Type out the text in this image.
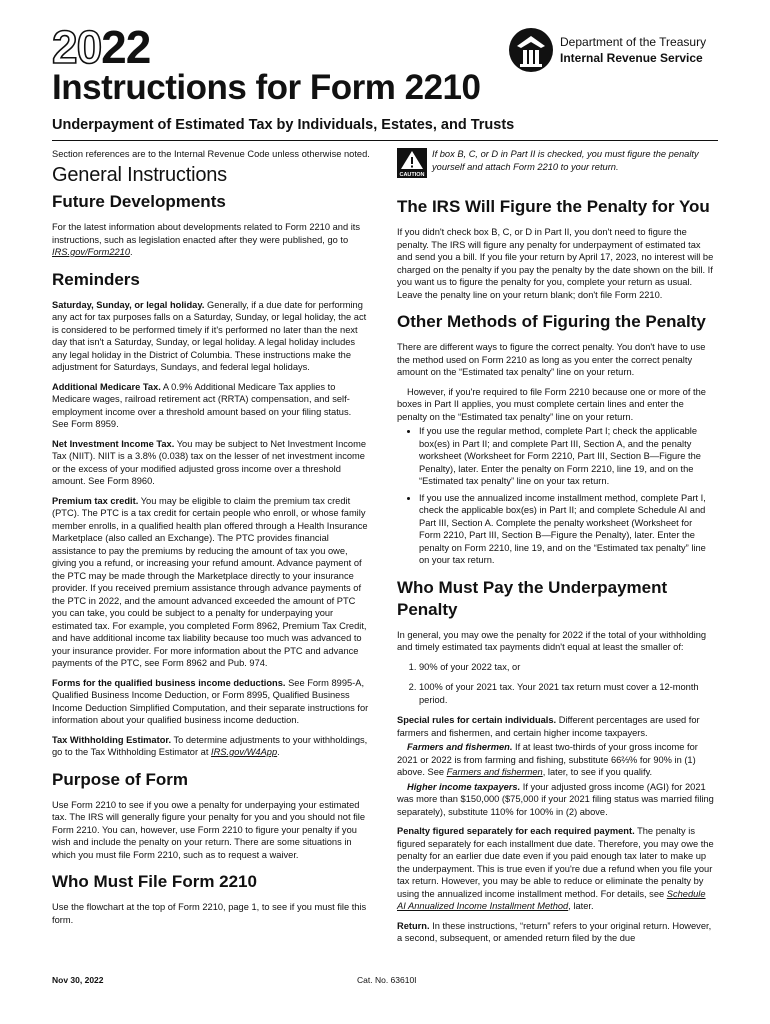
2022	Department of the Treasury
Internal Revenue Service
Instructions for Form 2210
Underpayment of Estimated Tax by Individuals, Estates, and Trusts

Section references are to the Internal Revenue Code unless otherwise noted.

General Instructions
Future Developments

For the latest information about developments related to Form 2210 and its instructions, such as legislation enacted after they were published, go to IRS.gov/Form2210.

Reminders

Saturday, Sunday, or legal holiday. Generally, if a due date for performing any act for tax purposes falls on a Saturday, Sunday, or legal holiday, the act is considered to be performed timely if it's performed no later than the next day that isn't a Saturday, Sunday, or legal holiday. A legal holiday includes any legal holiday in the District of Columbia. These instructions make the adjustment for Saturdays, Sundays, and federal legal holidays.

Additional Medicare Tax. A 0.9% Additional Medicare Tax applies to Medicare wages, railroad retirement act (RRTA) compensation, and self-employment income over a threshold amount based on your filing status. See Form 8959.

Net Investment Income Tax. You may be subject to Net Investment Income Tax (NIIT). NIIT is a 3.8% (0.038) tax on the lesser of net investment income or the excess of your modified adjusted gross income over a threshold amount. See Form 8960.

Premium tax credit. You may be eligible to claim the premium tax credit (PTC). The PTC is a tax credit for certain people who enroll, or whose family member enrolls, in a qualified health plan offered through a Health Insurance Marketplace (also called an Exchange). The PTC provides financial assistance to pay the premiums by reducing the amount of tax you owe, giving you a refund, or increasing your refund amount. Advance payment of the PTC may be made through the Marketplace directly to your insurance provider. If you received premium assistance through advance payments of the PTC in 2022, and the amount advanced exceeded the amount of PTC you can take, you could be subject to a penalty for underpaying your estimated tax. For example, you completed Form 8962, Premium Tax Credit, and have additional income tax liability because too much was advanced to your insurance provider. For more information about the PTC and advance payments of the PTC, see Form 8962 and Pub. 974.

Forms for the qualified business income deductions. See Form 8995-A, Qualified Business Income Deduction, or Form 8995, Qualified Business Income Deduction Simplified Computation, and their separate instructions for information about your qualified business income deduction.

Tax Withholding Estimator. To determine adjustments to your withholdings, go to the Tax Withholding Estimator at IRS.gov/W4App.

Purpose of Form

Use Form 2210 to see if you owe a penalty for underpaying your estimated tax. The IRS will generally figure your penalty for you and you should not file Form 2210. You can, however, use Form 2210 to figure your penalty if you wish and include the penalty on your return. There are some situations in which you must file Form 2210, such as to request a waiver.

Who Must File Form 2210

Use the flowchart at the top of Form 2210, page 1, to see if you must file this form.

CAUTION
If box B, C, or D in Part II is checked, you must figure the penalty yourself and attach Form 2210 to your return.
The IRS Will Figure the Penalty for You

If you didn't check box B, C, or D in Part II, you don't need to figure the penalty. The IRS will figure any penalty for underpayment of estimated tax and send you a bill. If you file your return by April 17, 2023, no interest will be charged on the penalty if you pay the penalty by the date shown on the bill. If you want us to figure the penalty for you, complete your return as usual. Leave the penalty line on your return blank; don't file Form 2210.

Other Methods of Figuring the Penalty

There are different ways to figure the correct penalty. You don't have to use the method used on Form 2210 as long as you enter the correct penalty amount on the “Estimated tax penalty” line on your return.

However, if you're required to file Form 2210 because one or more of the boxes in Part II applies, you must complete certain lines and enter the penalty on the “Estimated tax penalty” line on your return.

• If you use the regular method, complete Part I; check the applicable box(es) in Part II; and complete Part III, Section A, and the penalty worksheet (Worksheet for Form 2210, Part III, Section B—Figure the Penalty), later. Enter the penalty on Form 2210, line 19, and on the “Estimated tax penalty” line on your tax return.
• If you use the annualized income installment method, complete Part I, check the applicable box(es) in Part II; and complete Schedule AI and Part III, Section A. Complete the penalty worksheet (Worksheet for Form 2210, Part III, Section B—Figure the Penalty), later. Enter the penalty on Form 2210, line 19, and on the “Estimated tax penalty” line on your tax return.
Who Must Pay the Underpayment Penalty

In general, you may owe the penalty for 2022 if the total of your withholding and timely estimated tax payments didn't equal at least the smaller of:

1. 90% of your 2022 tax, or
2. 100% of your 2021 tax. Your 2021 tax return must cover a 12-month period.

Special rules for certain individuals. Different percentages are used for farmers and fishermen, and certain higher income taxpayers.

Farmers and fishermen. If at least two-thirds of your gross income for 2021 or 2022 is from farming and fishing, substitute 66⅔% for 90% in (1) above. See Farmers and fishermen, later, to see if you qualify.

Higher income taxpayers. If your adjusted gross income (AGI) for 2021 was more than $150,000 ($75,000 if your 2021 filing status was married filing separately), substitute 110% for 100% in (2) above.

Penalty figured separately for each required payment. The penalty is figured separately for each installment due date. Therefore, you may owe the penalty for an earlier due date even if you paid enough tax later to make up the underpayment. This is true even if you're due a refund when you file your tax return. However, you may be able to reduce or eliminate the penalty by using the annualized income installment method. For details, see Schedule AI Annualized Income Installment Method, later.

Return. In these instructions, “return” refers to your original return. However, a second, subsequent, or amended return filed by the due

Nov 30, 2022	Cat. No. 63610I
